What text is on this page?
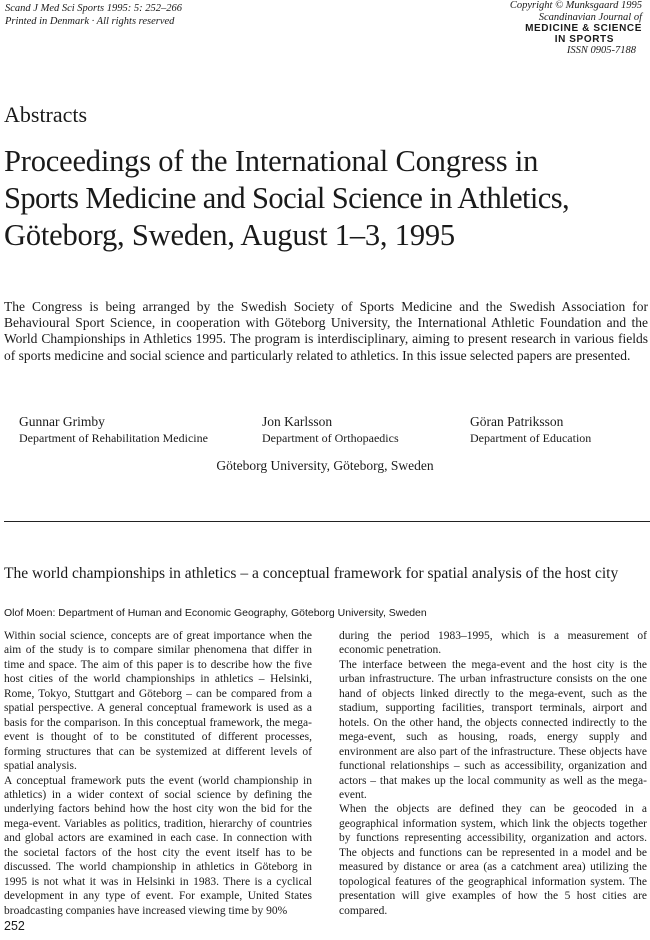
Scand J Med Sci Sports 1995: 5: 252–266
Printed in Denmark · All rights reserved
Copyright © Munksgaard 1995
Scandinavian Journal of
MEDICINE & SCIENCE
IN SPORTS
ISSN 0905-7188
Abstracts
Proceedings of the International Congress in
Sports Medicine and Social Science in Athletics,
Göteborg, Sweden, August 1–3, 1995
The Congress is being arranged by the Swedish Society of Sports Medicine and the Swedish Association for Behavioural Sport Science, in cooperation with Göteborg University, the International Athletic Foundation and the World Championships in Athletics 1995. The program is interdisciplinary, aiming to present research in various fields of sports medicine and social science and particularly related to athletics. In this issue selected papers are presented.
Gunnar Grimby
Department of Rehabilitation Medicine
Jon Karlsson
Department of Orthopaedics
Göran Patriksson
Department of Education
Göteborg University, Göteborg, Sweden
The world championships in athletics – a conceptual framework for spatial analysis of the host city
Olof Moen: Department of Human and Economic Geography, Göteborg University, Sweden

Within social science, concepts are of great importance when the aim of the study is to compare similar phenomena that differ in time and space. The aim of this paper is to describe how the five host cities of the world championships in athletics – Helsinki, Rome, Tokyo, Stuttgart and Göteborg – can be compared from a spatial perspective. A general conceptual framework is used as a basis for the comparison. In this conceptual framework, the mega-event is thought of to be constituted of different processes, forming structures that can be systemized at different levels of spatial analysis.

A conceptual framework puts the event (world championship in athletics) in a wider context of social science by defining the underlying factors behind how the host city won the bid for the mega-event. Variables as politics, tradition, hierarchy of countries and global actors are examined in each case. In connection with the societal factors of the host city the event itself has to be discussed. The world championship in athletics in Göteborg in 1995 is not what it was in Helsinki in 1983. There is a cyclical development in any type of event. For example, United States broadcasting companies have increased viewing time by 90%

during the period 1983–1995, which is a measurement of economic penetration.

The interface between the mega-event and the host city is the urban infrastructure. The urban infrastructure consists on the one hand of objects linked directly to the mega-event, such as the stadium, supporting facilities, transport terminals, airport and hotels. On the other hand, the objects connected indirectly to the mega-event, such as housing, roads, energy supply and environment are also part of the infrastructure. These objects have functional relationships – such as accessibility, organization and actors – that makes up the local community as well as the mega-event.

When the objects are defined they can be geocoded in a geographical information system, which link the objects together by functions representing accessibility, organization and actors. The objects and functions can be represented in a model and be measured by distance or area (as a catchment area) utilizing the topological features of the geographical information system. The presentation will give examples of how the 5 host cities are compared.

252
